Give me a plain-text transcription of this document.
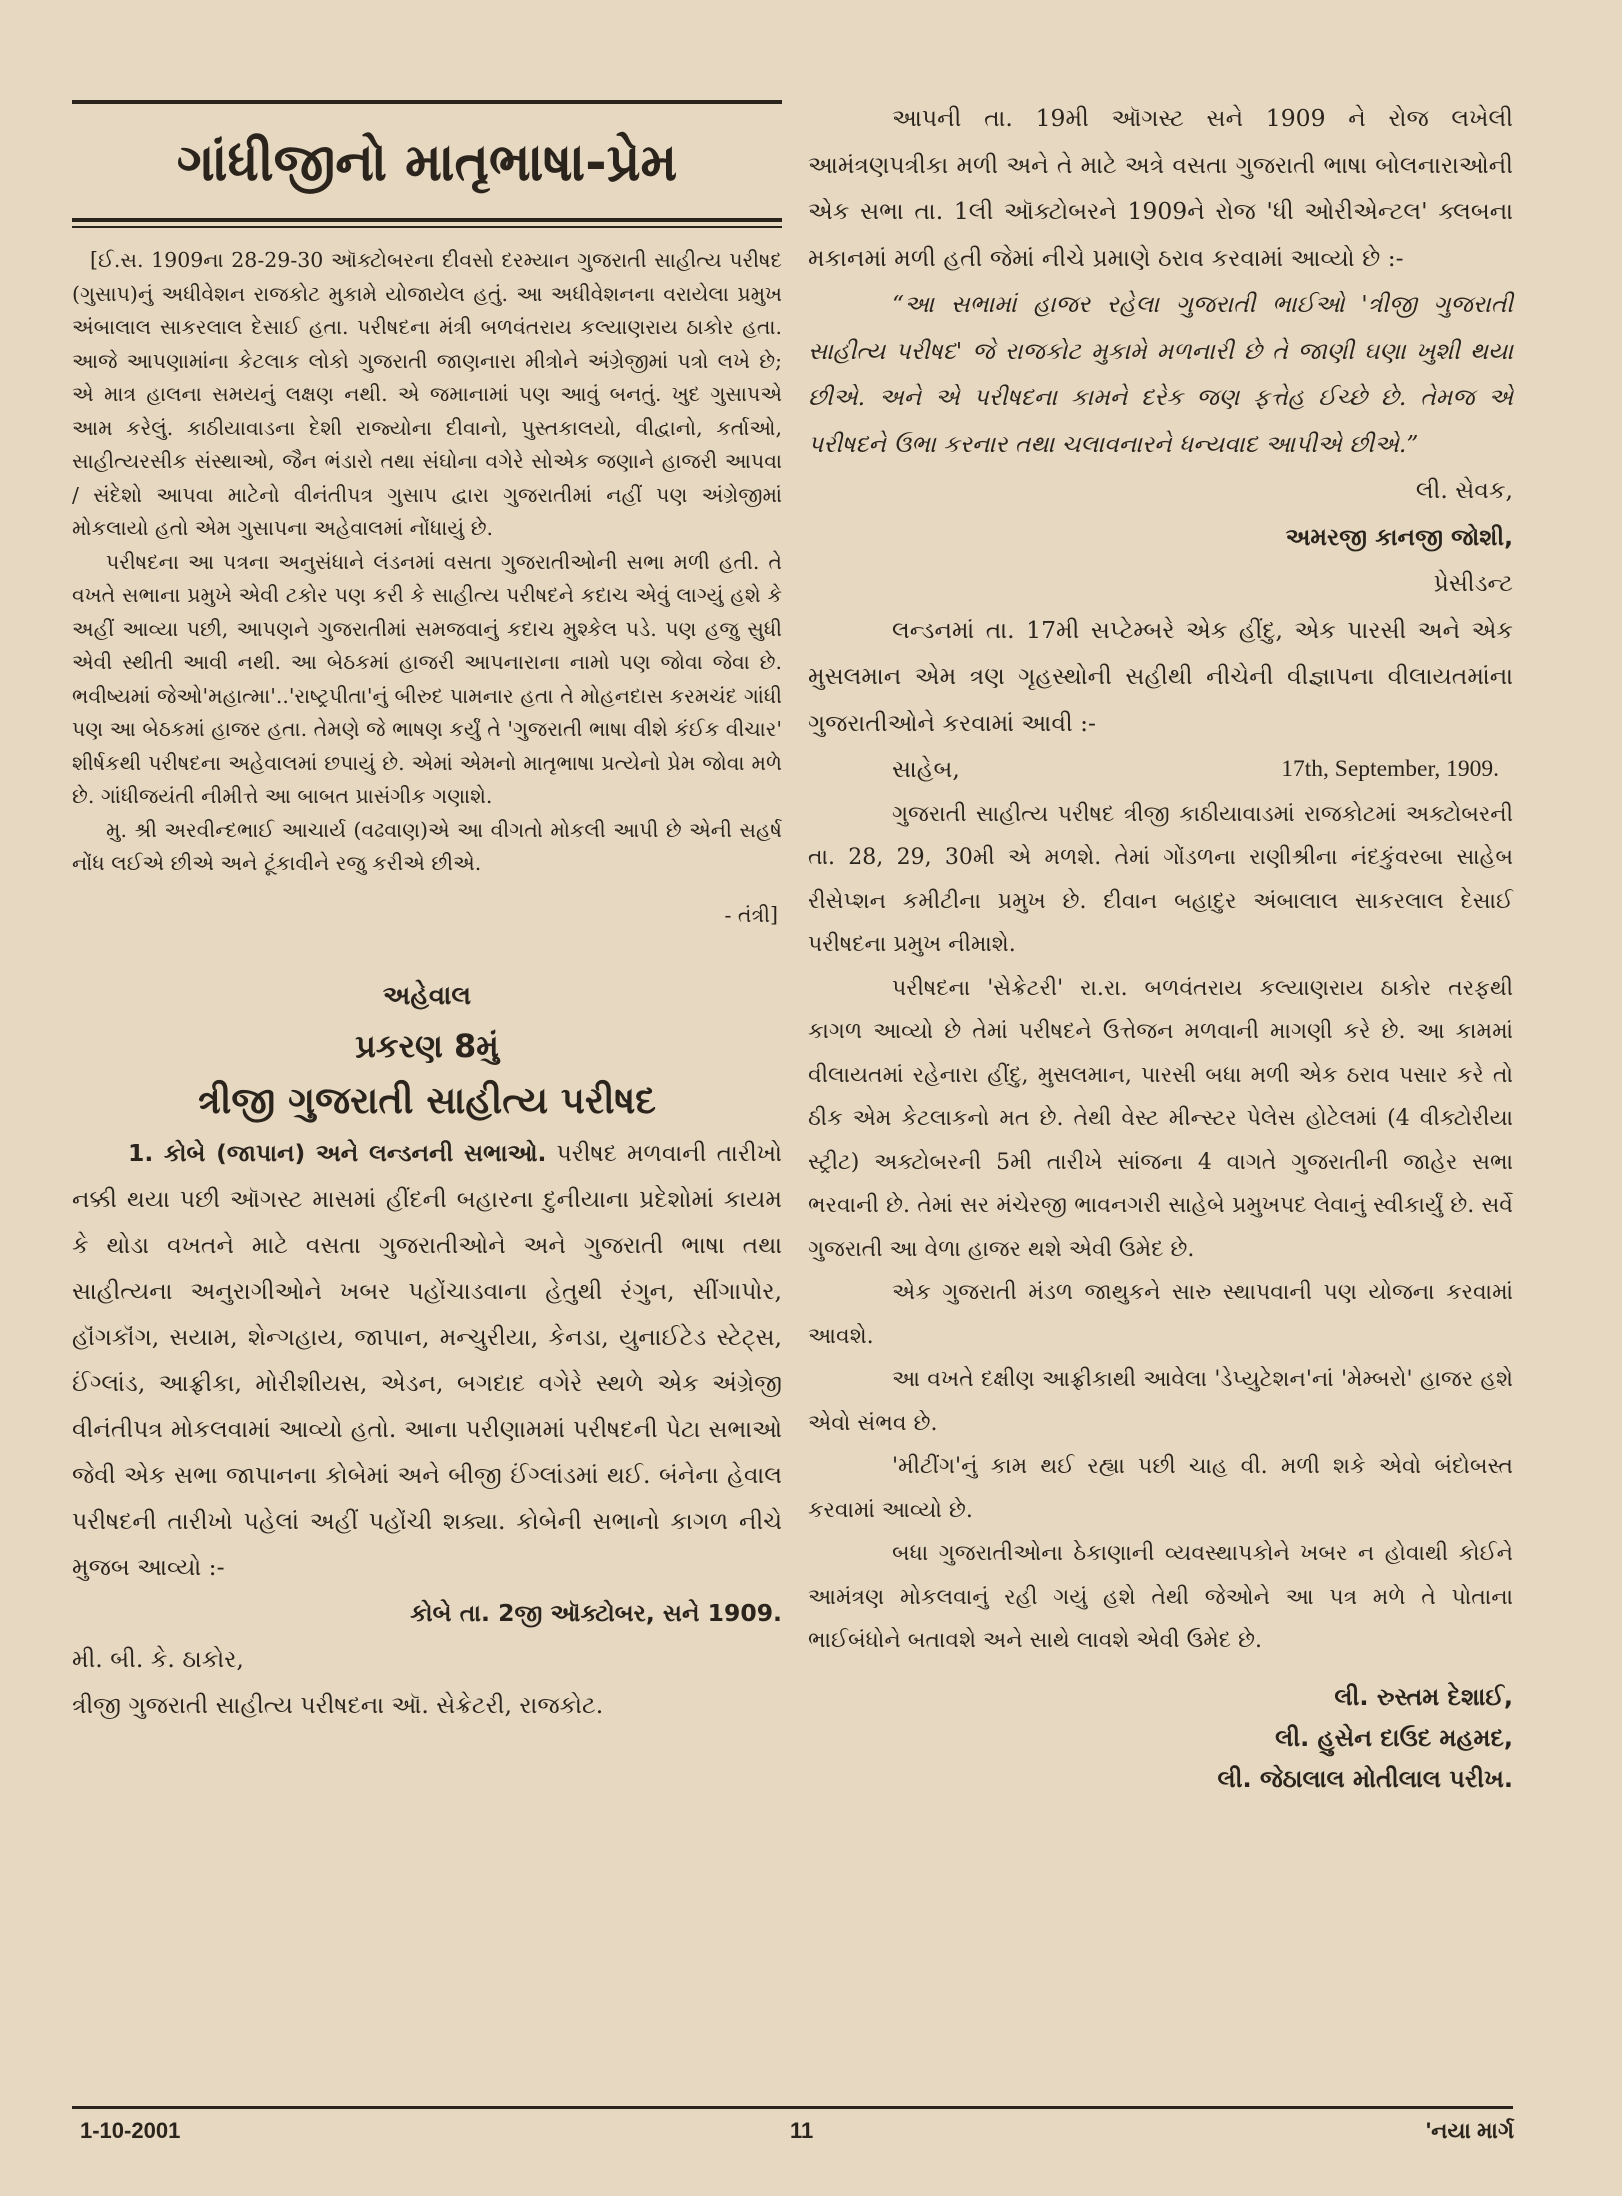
ગાંધીજીનો માતૃભાષા-પ્રેમ

[ઈ.સ. 1909ના 28-29-30 ઑક્ટોબરના દીવસો દરમ્યાન ગુજરાતી સાહીત્ય પરીષદ (ગુસાપ)નું અધીવેશન રાજકોટ મુકામે યોજાયેલ હતું. આ અધીવેશનના વરાયેલા પ્રમુખ અંબાલાલ સાકરલાલ દેસાઈ હતા. પરીષદના મંત્રી બળવંતરાય કલ્યાણરાય ઠાકોર હતા. આજે આપણામાંના કેટલાક લોકો ગુજરાતી જાણનારા મીત્રોને અંગ્રેજીમાં પત્રો લખે છે; એ માત્ર હાલના સમયનું લક્ષણ નથી. એ જમાનામાં પણ આવું બનતું. ખુદ ગુસાપએ આમ કરેલું. કાઠીયાવાડના દેશી રાજ્યોના દીવાનો, પુસ્તકાલયો, વીદ્વાનો, કર્તાઓ, સાહીત્યરસીક સંસ્થાઓ, જૈન ભંડારો તથા સંઘોના વગેરે સોએક જણાને હાજરી આપવા / સંદેશો આપવા માટેનો વીનંતીપત્ર ગુસાપ દ્વારા ગુજરાતીમાં નહીં પણ અંગ્રેજીમાં મોકલાયો હતો એમ ગુસાપના અહેવાલમાં નોંધાયું છે.

પરીષદના આ પત્રના અનુસંધાને લંડનમાં વસતા ગુજરાતીઓની સભા મળી હતી. તે વખતે સભાના પ્રમુખે એવી ટકોર પણ કરી કે સાહીત્ય પરીષદને કદાચ એવું લાગ્યું હશે કે અહીં આવ્યા પછી, આપણને ગુજરાતીમાં સમજવાનું કદાચ મુશ્કેલ પડે. પણ હજુ સુધી એવી સ્થીતી આવી નથી. આ બેઠકમાં હાજરી આપનારાના નામો પણ જોવા જેવા છે. ભવીષ્યમાં જેઓ'મહાત્મા'..'રાષ્ટ્રપીતા'નું બીરુદ પામનાર હતા તે મોહનદાસ કરમચંદ ગાંધી પણ આ બેઠકમાં હાજર હતા. તેમણે જે ભાષણ કર્યું તે 'ગુજરાતી ભાષા વીશે કંઈક વીચાર' શીર્ષકથી પરીષદના અહેવાલમાં છપાયું છે. એમાં એમનો માતૃભાષા પ્રત્યેનો પ્રેમ જોવા મળે છે. ગાંધીજયંતી નીમીત્તે આ બાબત પ્રાસંગીક ગણાશે.

મુ. શ્રી અરવીન્દભાઈ આચાર્ય (વઢવાણ)એ આ વીગતો મોકલી આપી છે એની સહર્ષ નોંધ લઈએ છીએ અને ટૂંકાવીને રજુ કરીએ છીએ.

- તંત્રી]

અહેવાલ
પ્રકરણ 8મું
ત્રીજી ગુજરાતી સાહીત્ય પરીષદ

1. કોબે (જાપાન) અને લન્ડનની સભાઓ. પરીષદ મળવાની તારીખો નક્કી થયા પછી ઑગસ્ટ માસમાં હીંદની બહારના દુનીયાના પ્રદેશોમાં કાયમ કે થોડા વખતને માટે વસતા ગુજરાતીઓને અને ગુજરાતી ભાષા તથા સાહીત્યના અનુરાગીઓને ખબર પહોંચાડવાના હેતુથી રંગુન, સીંગાપોર, હૉંગકૉંગ, સયામ, શેન્ગહાય, જાપાન, મન્ચુરીયા, કેનડા, યુનાઈટેડ સ્ટેટ્સ, ઈંગ્લાંડ, આફ્રીકા, મોરીશીયસ, એડન, બગદાદ વગેરે સ્થળે એક અંગ્રેજી વીનંતીપત્ર મોકલવામાં આવ્યો હતો. આના પરીણામમાં પરીષદની પેટા સભાઓ જેવી એક સભા જાપાનના કોબેમાં અને બીજી ઈંગ્લાંડમાં થઈ. બંનેના હેવાલ પરીષદની તારીખો પહેલાં અહીં પહોંચી શક્યા. કોબેની સભાનો કાગળ નીચે મુજબ આવ્યો :-

કોબે તા. 2જી ઑક્ટોબર, સને 1909.

મી. બી. કે. ઠાકોર,

ત્રીજી ગુજરાતી સાહીત્ય પરીષદના ઑ. સેક્રેટરી, રાજકોટ.

આપની તા. 19મી ઑગસ્ટ સને 1909 ને રોજ લખેલી આમંત્રણપત્રીકા મળી અને તે માટે અત્રે વસતા ગુજરાતી ભાષા બોલનારાઓની એક સભા તા. 1લી ઑક્ટોબરને 1909ને રોજ 'ધી ઓરીએન્ટલ' ક્લબના મકાનમાં મળી હતી જેમાં નીચે પ્રમાણે ઠરાવ કરવામાં આવ્યો છે :-

“આ સભામાં હાજર રહેલા ગુજરાતી ભાઈઓ 'ત્રીજી ગુજરાતી સાહીત્ય પરીષદ' જે રાજકોટ મુકામે મળનારી છે તે જાણી ઘણા ખુશી થયા છીએ. અને એ પરીષદના કામને દરેક જણ ફત્તેહ ઈચ્છે છે. તેમજ એ પરીષદને ઉભા કરનાર તથા ચલાવનારને ધન્યવાદ આપીએ છીએ.”

લી. સેવક,

અમરજી કાનજી જોશી,

પ્રેસીડન્ટ

લન્ડનમાં તા. 17મી સપ્ટેમ્બરે એક હીંદુ, એક પારસી અને એક મુસલમાન એમ ત્રણ ગૃહસ્થોની સહીથી નીચેની વીજ્ઞાપના વીલાયતમાંના ગુજરાતીઓને કરવામાં આવી :-

સાહેબ,	17th, September, 1909.

ગુજરાતી સાહીત્ય પરીષદ ત્રીજી કાઠીયાવાડમાં રાજકોટમાં અક્ટોબરની તા. 28, 29, 30મી એ મળશે. તેમાં ગોંડળના રાણીશ્રીના નંદકુંવરબા સાહેબ રીસેપ્શન કમીટીના પ્રમુખ છે. દીવાન બહાદુર અંબાલાલ સાકરલાલ દેસાઈ પરીષદના પ્રમુખ નીમાશે.

પરીષદના 'સેક્રેટરી' રા.રા. બળવંતરાય કલ્યાણરાય ઠાકોર તરફથી કાગળ આવ્યો છે તેમાં પરીષદને ઉત્તેજન મળવાની માગણી કરે છે. આ કામમાં વીલાયતમાં રહેનારા હીંદુ, મુસલમાન, પારસી બધા મળી એક ઠરાવ પસાર કરે તો ઠીક એમ કેટલાકનો મત છે. તેથી વેસ્ટ મીન્સ્ટર પેલેસ હોટેલમાં (4 વીક્ટોરીયા સ્ટ્રીટ) અક્ટોબરની 5મી તારીખે સાંજના 4 વાગતે ગુજરાતીની જાહેર સભા ભરવાની છે. તેમાં સર મંચેરજી ભાવનગરી સાહેબે પ્રમુખપદ લેવાનું સ્વીકાર્યું છે. સર્વે ગુજરાતી આ વેળા હાજર થશે એવી ઉમેદ છે.

એક ગુજરાતી મંડળ જાથુકને સારુ સ્થાપવાની પણ યોજના કરવામાં આવશે.

આ વખતે દક્ષીણ આફ્રીકાથી આવેલા 'ડેપ્યુટેશન'નાં 'મેમ્બરો' હાજર હશે એવો સંભવ છે.

'મીટીંગ'નું કામ થઈ રહ્યા પછી ચાહ વી. મળી શકે એવો બંદોબસ્ત કરવામાં આવ્યો છે.

બધા ગુજરાતીઓના ઠેકાણાની વ્યવસ્થાપકોને ખબર ન હોવાથી કોઈને આમંત્રણ મોકલવાનું રહી ગયું હશે તેથી જેઓને આ પત્ર મળે તે પોતાના ભાઈબંધોને બતાવશે અને સાથે લાવશે એવી ઉમેદ છે.

લી. રુસ્તમ દેશાઈ,
લી. હુસેન દાઉદ મહમદ,
લી. જેઠાલાલ મોતીલાલ પરીખ.
1-10-2001	11	'નયા માર્ગ
